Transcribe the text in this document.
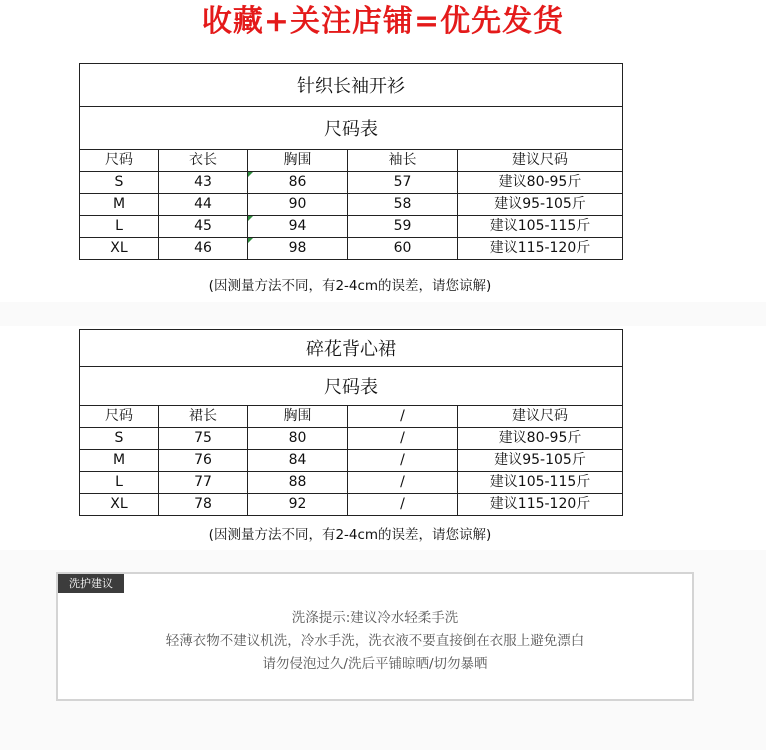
收藏+关注店铺=优先发货
针织长袖开衫				
尺码表				
尺码	衣长	胸围	袖长	建议尺码
S	43	86	57	建议80-95斤
M	44	90	58	建议95-105斤
L	45	94	59	建议105-115斤
XL	46	98	60	建议115-120斤
(因测量方法不同，有2-4cm的误差，请您谅解)
碎花背心裙				
尺码表				
尺码	裙长	胸围	/	建议尺码
S	75	80	/	建议80-95斤
M	76	84	/	建议95-105斤
L	77	88	/	建议105-115斤
XL	78	92	/	建议115-120斤
(因测量方法不同，有2-4cm的误差，请您谅解)
洗护建议
洗涤提示:建议冷水轻柔手洗
轻薄衣物不建议机洗，冷水手洗，洗衣液不要直接倒在衣服上避免漂白
请勿侵泡过久/洗后平铺晾晒/切勿暴晒
